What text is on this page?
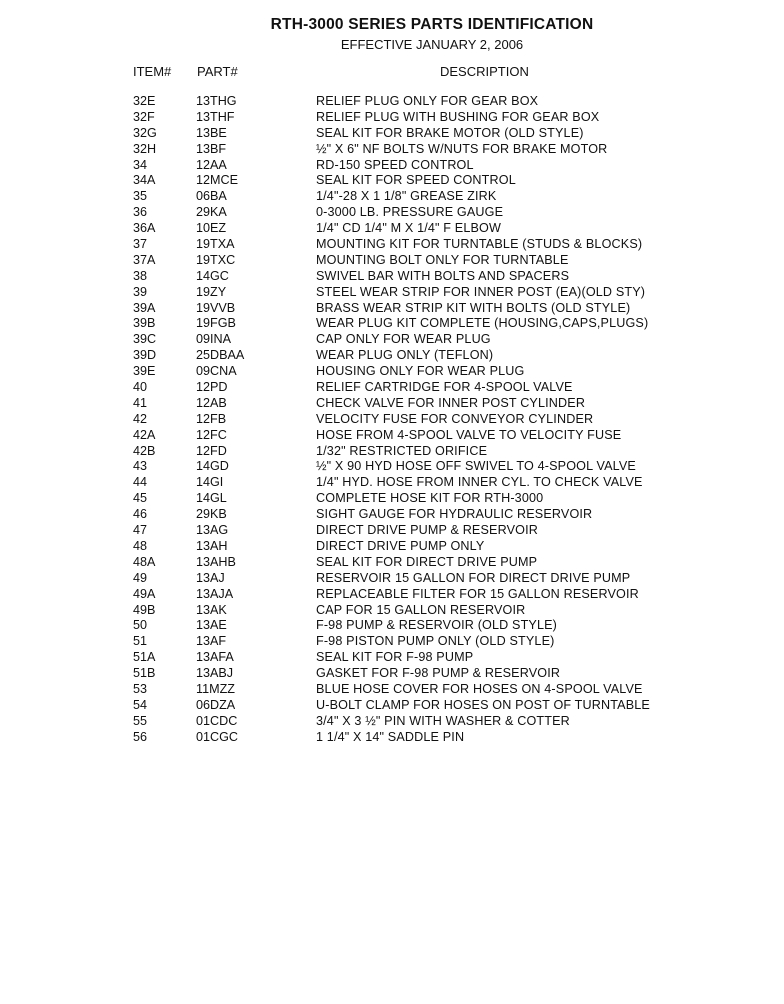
RTH-3000 SERIES PARTS IDENTIFICATION
EFFECTIVE JANUARY 2, 2006
ITEM# PART#	DESCRIPTION
32E	13THG	RELIEF PLUG ONLY FOR GEAR BOX
32F	13THF	RELIEF PLUG WITH BUSHING FOR GEAR BOX
32G	13BE	SEAL KIT FOR BRAKE MOTOR (OLD STYLE)
32H	13BF	½" X 6" NF BOLTS W/NUTS FOR BRAKE MOTOR
34	12AA	RD-150 SPEED CONTROL
34A	12MCE	SEAL KIT FOR SPEED CONTROL
35	06BA	1/4"-28 X 1 1/8" GREASE ZIRK
36	29KA	0-3000 LB. PRESSURE GAUGE
36A	10EZ	1/4" CD 1/4" M X 1/4" F ELBOW
37	19TXA	MOUNTING KIT FOR TURNTABLE (STUDS & BLOCKS)
37A	19TXC	MOUNTING BOLT ONLY FOR TURNTABLE
38	14GC	SWIVEL BAR WITH BOLTS AND SPACERS
39	19ZY	STEEL WEAR STRIP FOR INNER POST (EA)(OLD STY)
39A	19VVB	BRASS WEAR STRIP KIT WITH BOLTS (OLD STYLE)
39B	19FGB	WEAR PLUG KIT COMPLETE (HOUSING,CAPS,PLUGS)
39C	09INA	CAP ONLY FOR WEAR PLUG
39D	25DBAA	WEAR PLUG ONLY (TEFLON)
39E	09CNA	HOUSING ONLY FOR WEAR PLUG
40	12PD	RELIEF CARTRIDGE FOR 4-SPOOL VALVE
41	12AB	CHECK VALVE FOR INNER POST CYLINDER
42	12FB	VELOCITY FUSE FOR CONVEYOR CYLINDER
42A	12FC	HOSE FROM 4-SPOOL VALVE TO VELOCITY FUSE
42B	12FD	1/32" RESTRICTED ORIFICE
43	14GD	½" X 90 HYD HOSE OFF SWIVEL TO 4-SPOOL VALVE
44	14GI	1/4" HYD. HOSE FROM INNER CYL. TO CHECK VALVE
45	14GL	COMPLETE HOSE KIT FOR RTH-3000
46	29KB	SIGHT GAUGE FOR HYDRAULIC RESERVOIR
47	13AG	DIRECT DRIVE PUMP & RESERVOIR
48	13AH	DIRECT DRIVE PUMP ONLY
48A	13AHB	SEAL KIT FOR DIRECT DRIVE PUMP
49	13AJ	RESERVOIR 15 GALLON FOR DIRECT DRIVE PUMP
49A	13AJA	REPLACEABLE FILTER FOR 15 GALLON RESERVOIR
49B	13AK	CAP FOR 15 GALLON RESERVOIR
50	13AE	F-98 PUMP & RESERVOIR (OLD STYLE)
51	13AF	F-98 PISTON PUMP ONLY (OLD STYLE)
51A	13AFA	SEAL KIT FOR F-98 PUMP
51B	13ABJ	GASKET FOR F-98 PUMP & RESERVOIR
53	11MZZ	BLUE HOSE COVER FOR HOSES ON 4-SPOOL VALVE
54	06DZA	U-BOLT CLAMP FOR HOSES ON POST OF TURNTABLE
55	01CDC	3/4" X 3 ½" PIN WITH WASHER & COTTER
56	01CGC	1 1/4" X 14" SADDLE PIN
